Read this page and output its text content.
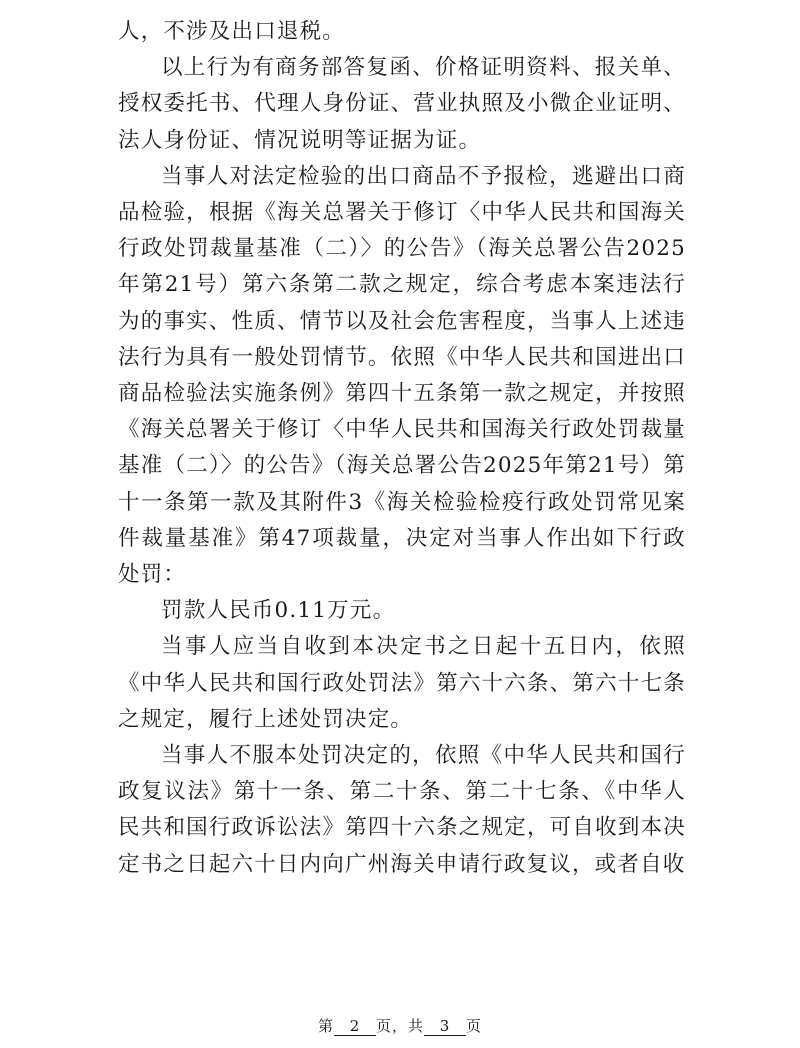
人，不涉及出口退税。

以上行为有商务部答复函、价格证明资料、报关单、授权委托书、代理人身份证、营业执照及小微企业证明、法人身份证、情况说明等证据为证。

当事人对法定检验的出口商品不予报检，逃避出口商品检验，根据《海关总署关于修订〈中华人民共和国海关行政处罚裁量基准（二）〉的公告》（海关总署公告2025年第21号）第六条第二款之规定，综合考虑本案违法行为的事实、性质、情节以及社会危害程度，当事人上述违法行为具有一般处罚情节。依照《中华人民共和国进出口商品检验法实施条例》第四十五条第一款之规定，并按照《海关总署关于修订〈中华人民共和国海关行政处罚裁量基准（二）〉的公告》（海关总署公告2025年第21号）第十一条第一款及其附件3《海关检验检疫行政处罚常见案件裁量基准》第47项裁量，决定对当事人作出如下行政处罚：

罚款人民币0.11万元。

当事人应当自收到本决定书之日起十五日内，依照《中华人民共和国行政处罚法》第六十六条、第六十七条之规定，履行上述处罚决定。

当事人不服本处罚决定的，依照《中华人民共和国行政复议法》第十一条、第二十条、第二十七条、《中华人民共和国行政诉讼法》第四十六条之规定，可自收到本决定书之日起六十日内向广州海关申请行政复议，或者自收

第 2 页，共 3 页
